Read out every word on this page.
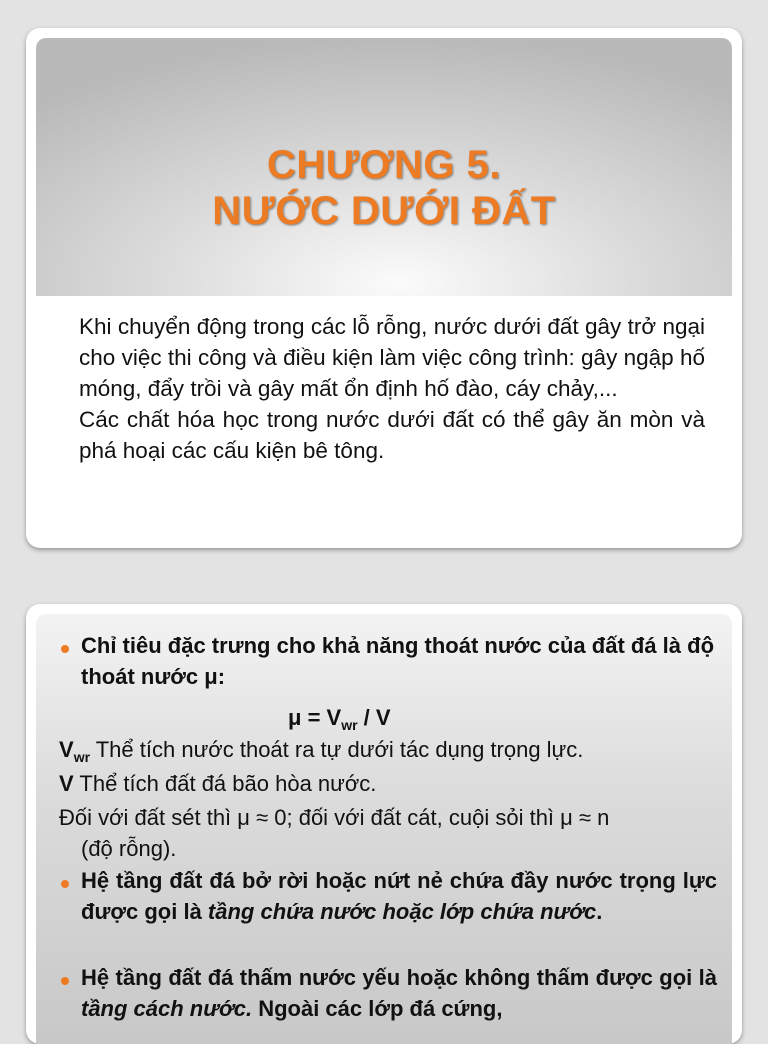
CHƯƠNG 5.
NƯỚC DƯỚI ĐẤT

Khi chuyển động trong các lỗ rỗng, nước dưới đất gây trở ngại cho việc thi công và điều kiện làm việc công trình: gây ngập hố móng, đẩy trồi và gây mất ổn định hố đào, cáy chảy,...

Các chất hóa học trong nước dưới đất có thể gây ăn mòn và phá hoại các cấu kiện bê tông.

Chỉ tiêu đặc trưng cho khả năng thoát nước của đất đá là độ thoát nước μ:
$\mu = V_{wr} / V$
$V_{wr}$ Thể tích nước thoát ra tự dưới tác dụng trọng lực.
V Thể tích đất đá bão hòa nước.
Đối với đất sét thì μ ≈ 0; đối với đất cát, cuội sỏi thì μ ≈ n
(độ rỗng).
Hệ tầng đất đá bở rời hoặc nứt nẻ chứa đầy nước trọng lực được gọi là tầng chứa nước hoặc lớp chứa nước.
Hệ tầng đất đá thấm nước yếu hoặc không thấm được gọi là tầng cách nước. Ngoài các lớp đá cứng,
